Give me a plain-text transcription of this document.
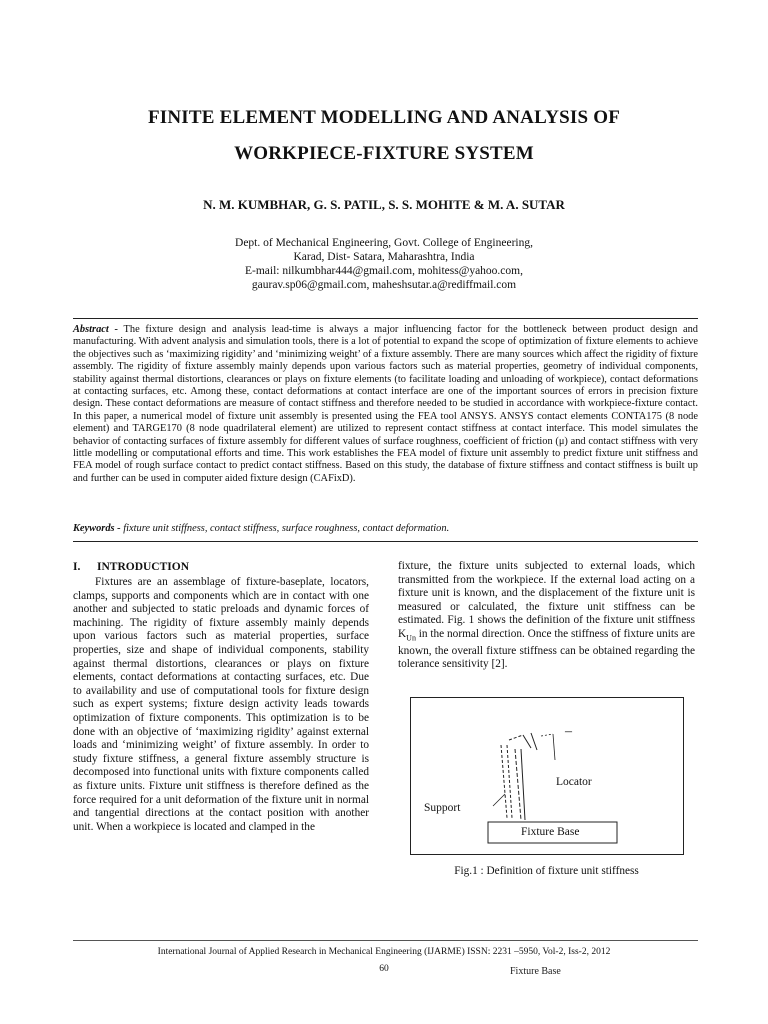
FINITE ELEMENT MODELLING AND ANALYSIS OF
WORKPIECE-FIXTURE SYSTEM
N. M. KUMBHAR, G. S. PATIL, S. S. MOHITE & M. A. SUTAR
Dept. of Mechanical Engineering, Govt. College of Engineering,
Karad, Dist- Satara, Maharashtra, India
E-mail: nilkumbhar444@gmail.com, mohitess@yahoo.com,
gaurav.sp06@gmail.com, maheshsutar.a@rediffmail.com
Abstract - The fixture design and analysis lead-time is always a major influencing factor for the bottleneck between product design and manufacturing. With advent analysis and simulation tools, there is a lot of potential to expand the scope of optimization of fixture elements to achieve the objectives such as ‘maximizing rigidity’ and ‘minimizing weight’ of a fixture assembly. There are many sources which affect the rigidity of fixture assembly. The rigidity of fixture assembly mainly depends upon various factors such as material properties, geometry of individual components, stability against thermal distortions, clearances or plays on fixture elements (to facilitate loading and unloading of workpiece), contact deformations at contacting surfaces, etc. Among these, contact deformations at contact interface are one of the important sources of errors in precision fixture design. These contact deformations are measure of contact stiffness and therefore needed to be studied in accordance with workpiece-fixture contact. In this paper, a numerical model of fixture unit assembly is presented using the FEA tool ANSYS. ANSYS contact elements CONTA175 (8 node element) and TARGE170 (8 node quadrilateral element) are utilized to represent contact stiffness at contact interface. This model simulates the behavior of contacting surfaces of fixture assembly for different values of surface roughness, coefficient of friction (μ) and contact stiffness with very little modelling or computational efforts and time. This work establishes the FEA model of fixture unit assembly to predict fixture unit stiffness and FEA model of rough surface contact to predict contact stiffness. Based on this study, the database of fixture stiffness and contact stiffness is built up and further can be used in computer aided fixture design (CAFixD).
Keywords - fixture unit stiffness, contact stiffness, surface roughness, contact deformation.
I. INTRODUCTION
Fixtures are an assemblage of fixture-baseplate, locators, clamps, supports and components which are in contact with one another and subjected to static preloads and dynamic forces of machining. The rigidity of fixture assembly mainly depends upon various factors such as material properties, surface properties, size and shape of individual components, stability against thermal distortions, clearances or plays on fixture elements, contact deformations at contacting surfaces, etc. Due to availability and use of computational tools for fixture design such as expert systems; fixture design activity leads towards optimization of fixture components. This optimization is to be done with an objective of ‘maximizing rigidity’ against external loads and ‘minimizing weight’ of fixture assembly. In order to study fixture stiffness, a general fixture assembly structure is decomposed into functional units with fixture components called as fixture units. Fixture unit stiffness is therefore defined as the force required for a unit deformation of the fixture unit in normal and tangential directions at the contact position with another unit. When a workpiece is located and clamped in the
fixture, the fixture units subjected to external loads, which transmitted from the workpiece. If the external load acting on a fixture unit is known, and the displacement of the fixture unit is measured or calculated, the fixture unit stiffness can be estimated. Fig. 1 shows the definition of the fixture unit stiffness $K_{Un}$ in the normal direction. Once the stiffness of fixture units are known, the overall fixture stiffness can be obtained regarding the tolerance sensitivity [2].
–
Locator
Support
Fixture Base
Fig.1 : Definition of fixture unit stiffness
International Journal of Applied Research in Mechanical Engineering (IJARME) ISSN: 2231 –5950, Vol-2, Iss-2, 2012
60	Fixture Base
